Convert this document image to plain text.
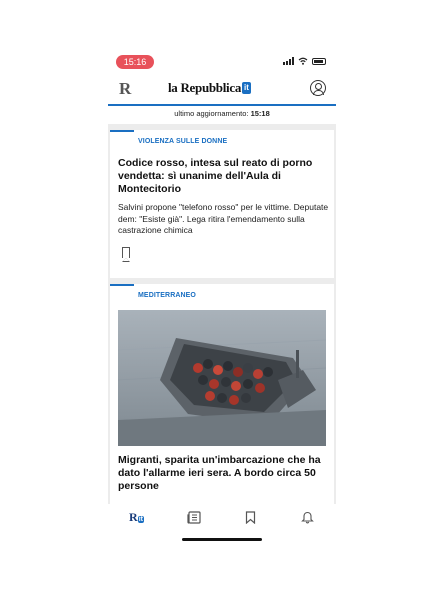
15:16
R	la Repubblica it
ultimo aggiornamento: 15:18
VIOLENZA SULLE DONNE
Codice rosso, intesa sul reato di porno vendetta: sì unanime dell'Aula di Montecitorio
Salvini propone "telefono rosso" per le vittime. Deputate dem: "Esiste già". Lega ritira l'emendamento sulla castrazione chimica
MEDITERRANEO
Migranti, sparita un'imbarcazione che ha dato l'allarme ieri sera. A bordo circa 50 persone
Rit
